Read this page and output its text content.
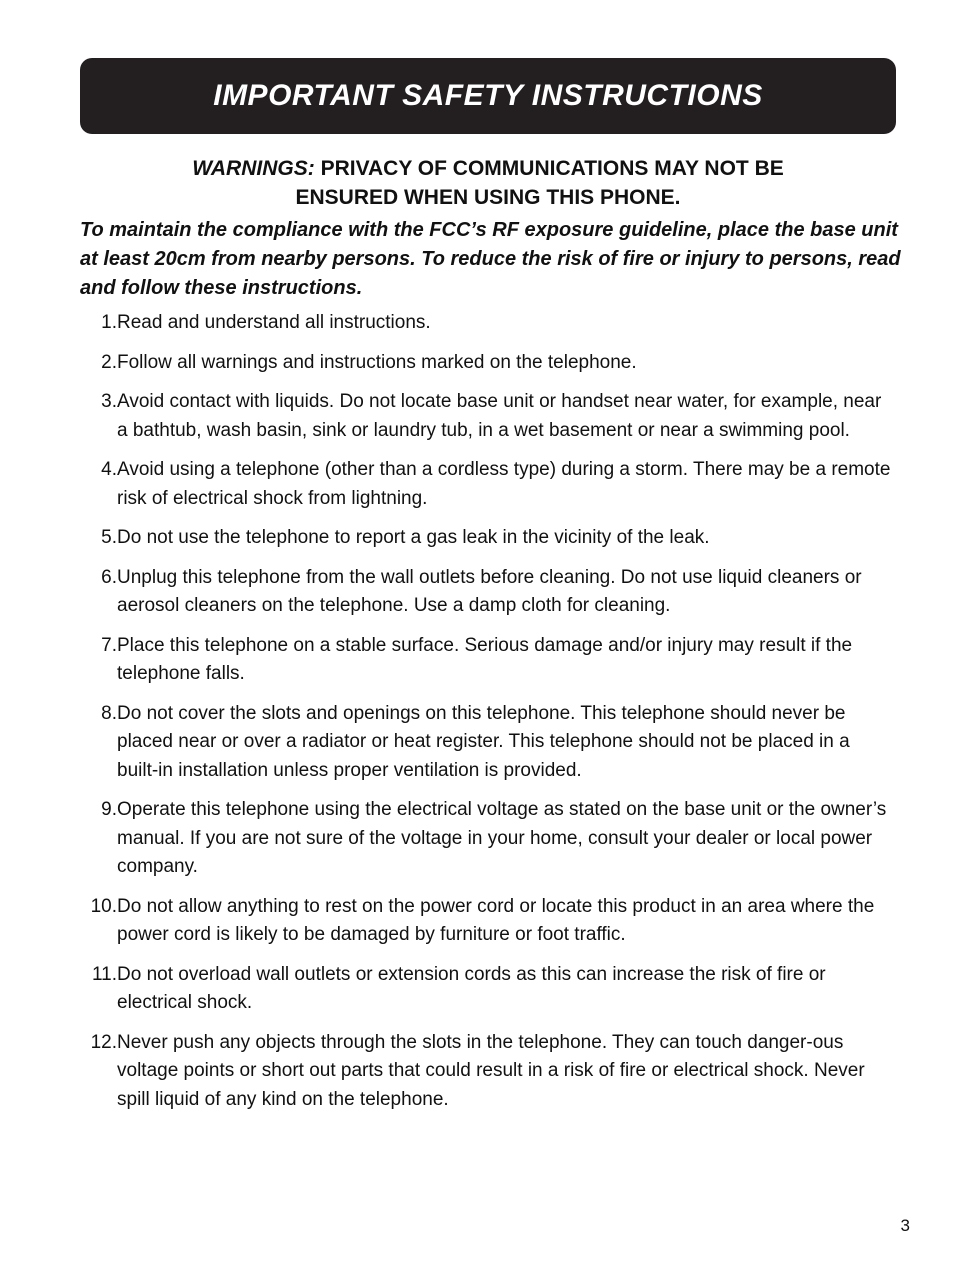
IMPORTANT SAFETY INSTRUCTIONS
WARNINGS: PRIVACY OF COMMUNICATIONS MAY NOT BE
ENSURED WHEN USING THIS PHONE.
To maintain the compliance with the FCC’s RF exposure guideline, place the base unit at least 20cm from nearby persons. To reduce the risk of fire or injury to persons, read and follow these instructions.
1. Read and understand all instructions.
2. Follow all warnings and instructions marked on the telephone.
3. Avoid contact with liquids. Do not locate base unit or handset near water, for example, near a bathtub, wash basin, sink or laundry tub, in a wet basement or near a swimming pool.
4. Avoid using a telephone (other than a cordless type) during a storm. There may be a remote risk of electrical shock from lightning.
5. Do not use the telephone to report a gas leak in the vicinity of the leak.
6. Unplug this telephone from the wall outlets before cleaning. Do not use liquid cleaners or aerosol cleaners on the telephone. Use a damp cloth for cleaning.
7. Place this telephone on a stable surface. Serious damage and/or injury may result if the telephone falls.
8. Do not cover the slots and openings on this telephone. This telephone should never be placed near or over a radiator or heat register. This telephone should not be placed in a built-in installation unless proper ventilation is provided.
9. Operate this telephone using the electrical voltage as stated on the base unit or the owner’s manual. If you are not sure of the voltage in your home, consult your dealer or local power company.
10. Do not allow anything to rest on the power cord or locate this product in an area where the power cord is likely to be damaged by furniture or foot traffic.
11. Do not overload wall outlets or extension cords as this can increase the risk of fire or electrical shock.
12. Never push any objects through the slots in the telephone. They can touch danger-ous voltage points or short out parts that could result in a risk of fire or electrical shock. Never spill liquid of any kind on the telephone.
3
